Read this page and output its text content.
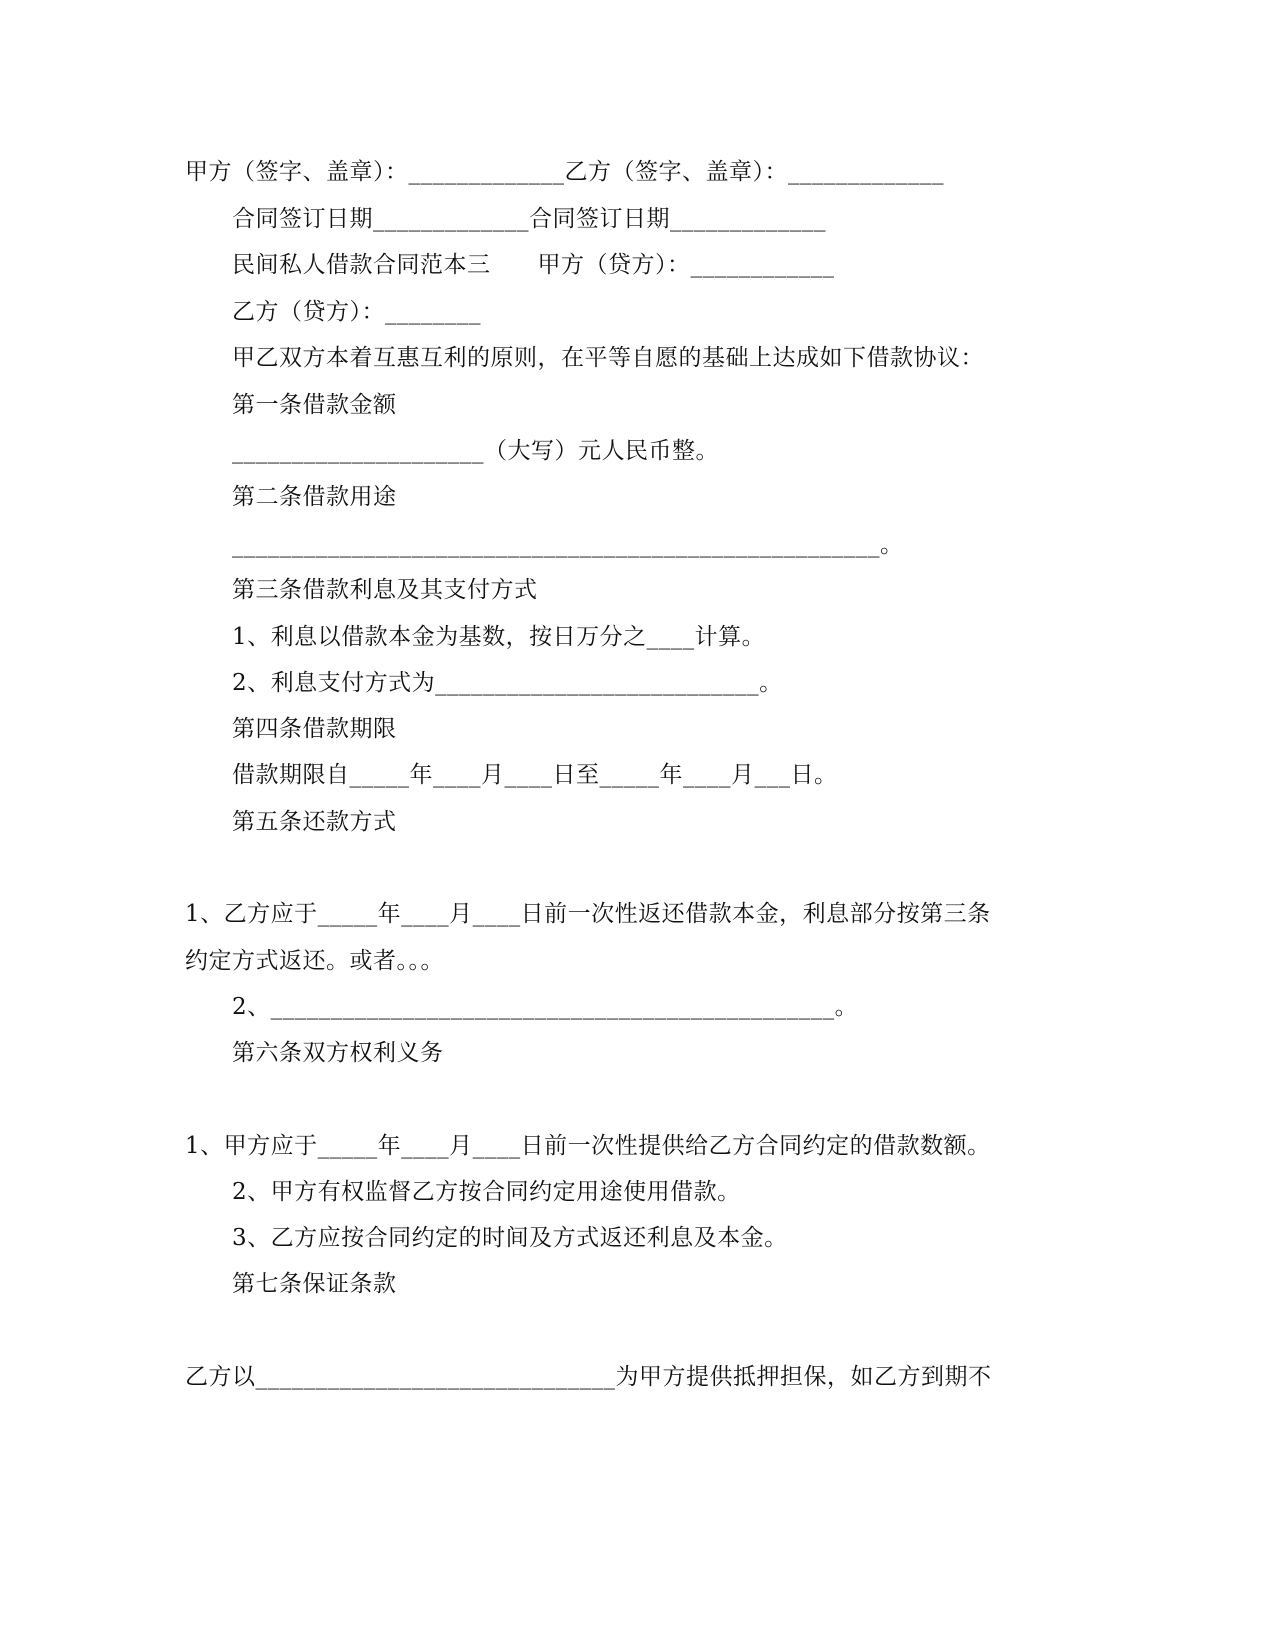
甲方（签字、盖章）：_____________乙方（签字、盖章）：_____________
合同签订日期_____________合同签订日期_____________
民间私人借款合同范本三　　甲方（贷方）：____________
乙方（贷方）：________
甲乙双方本着互惠互利的原则，在平等自愿的基础上达成如下借款协议：
第一条借款金额
_____________________（大写）元人民币整。
第二条借款用途
______________________________________________________。
第三条借款利息及其支付方式
1、利息以借款本金为基数，按日万分之____计算。
2、利息支付方式为___________________________。
第四条借款期限
借款期限自_____年____月____日至_____年____月___日。
第五条还款方式
1、乙方应于_____年____月____日前一次性返还借款本金，利息部分按第三条
约定方式返还。或者。。。
2、_______________________________________________。
第六条双方权利义务
1、甲方应于_____年____月____日前一次性提供给乙方合同约定的借款数额。
2、甲方有权监督乙方按合同约定用途使用借款。
3、乙方应按合同约定的时间及方式返还利息及本金。
第七条保证条款
乙方以______________________________为甲方提供抵押担保，如乙方到期不
